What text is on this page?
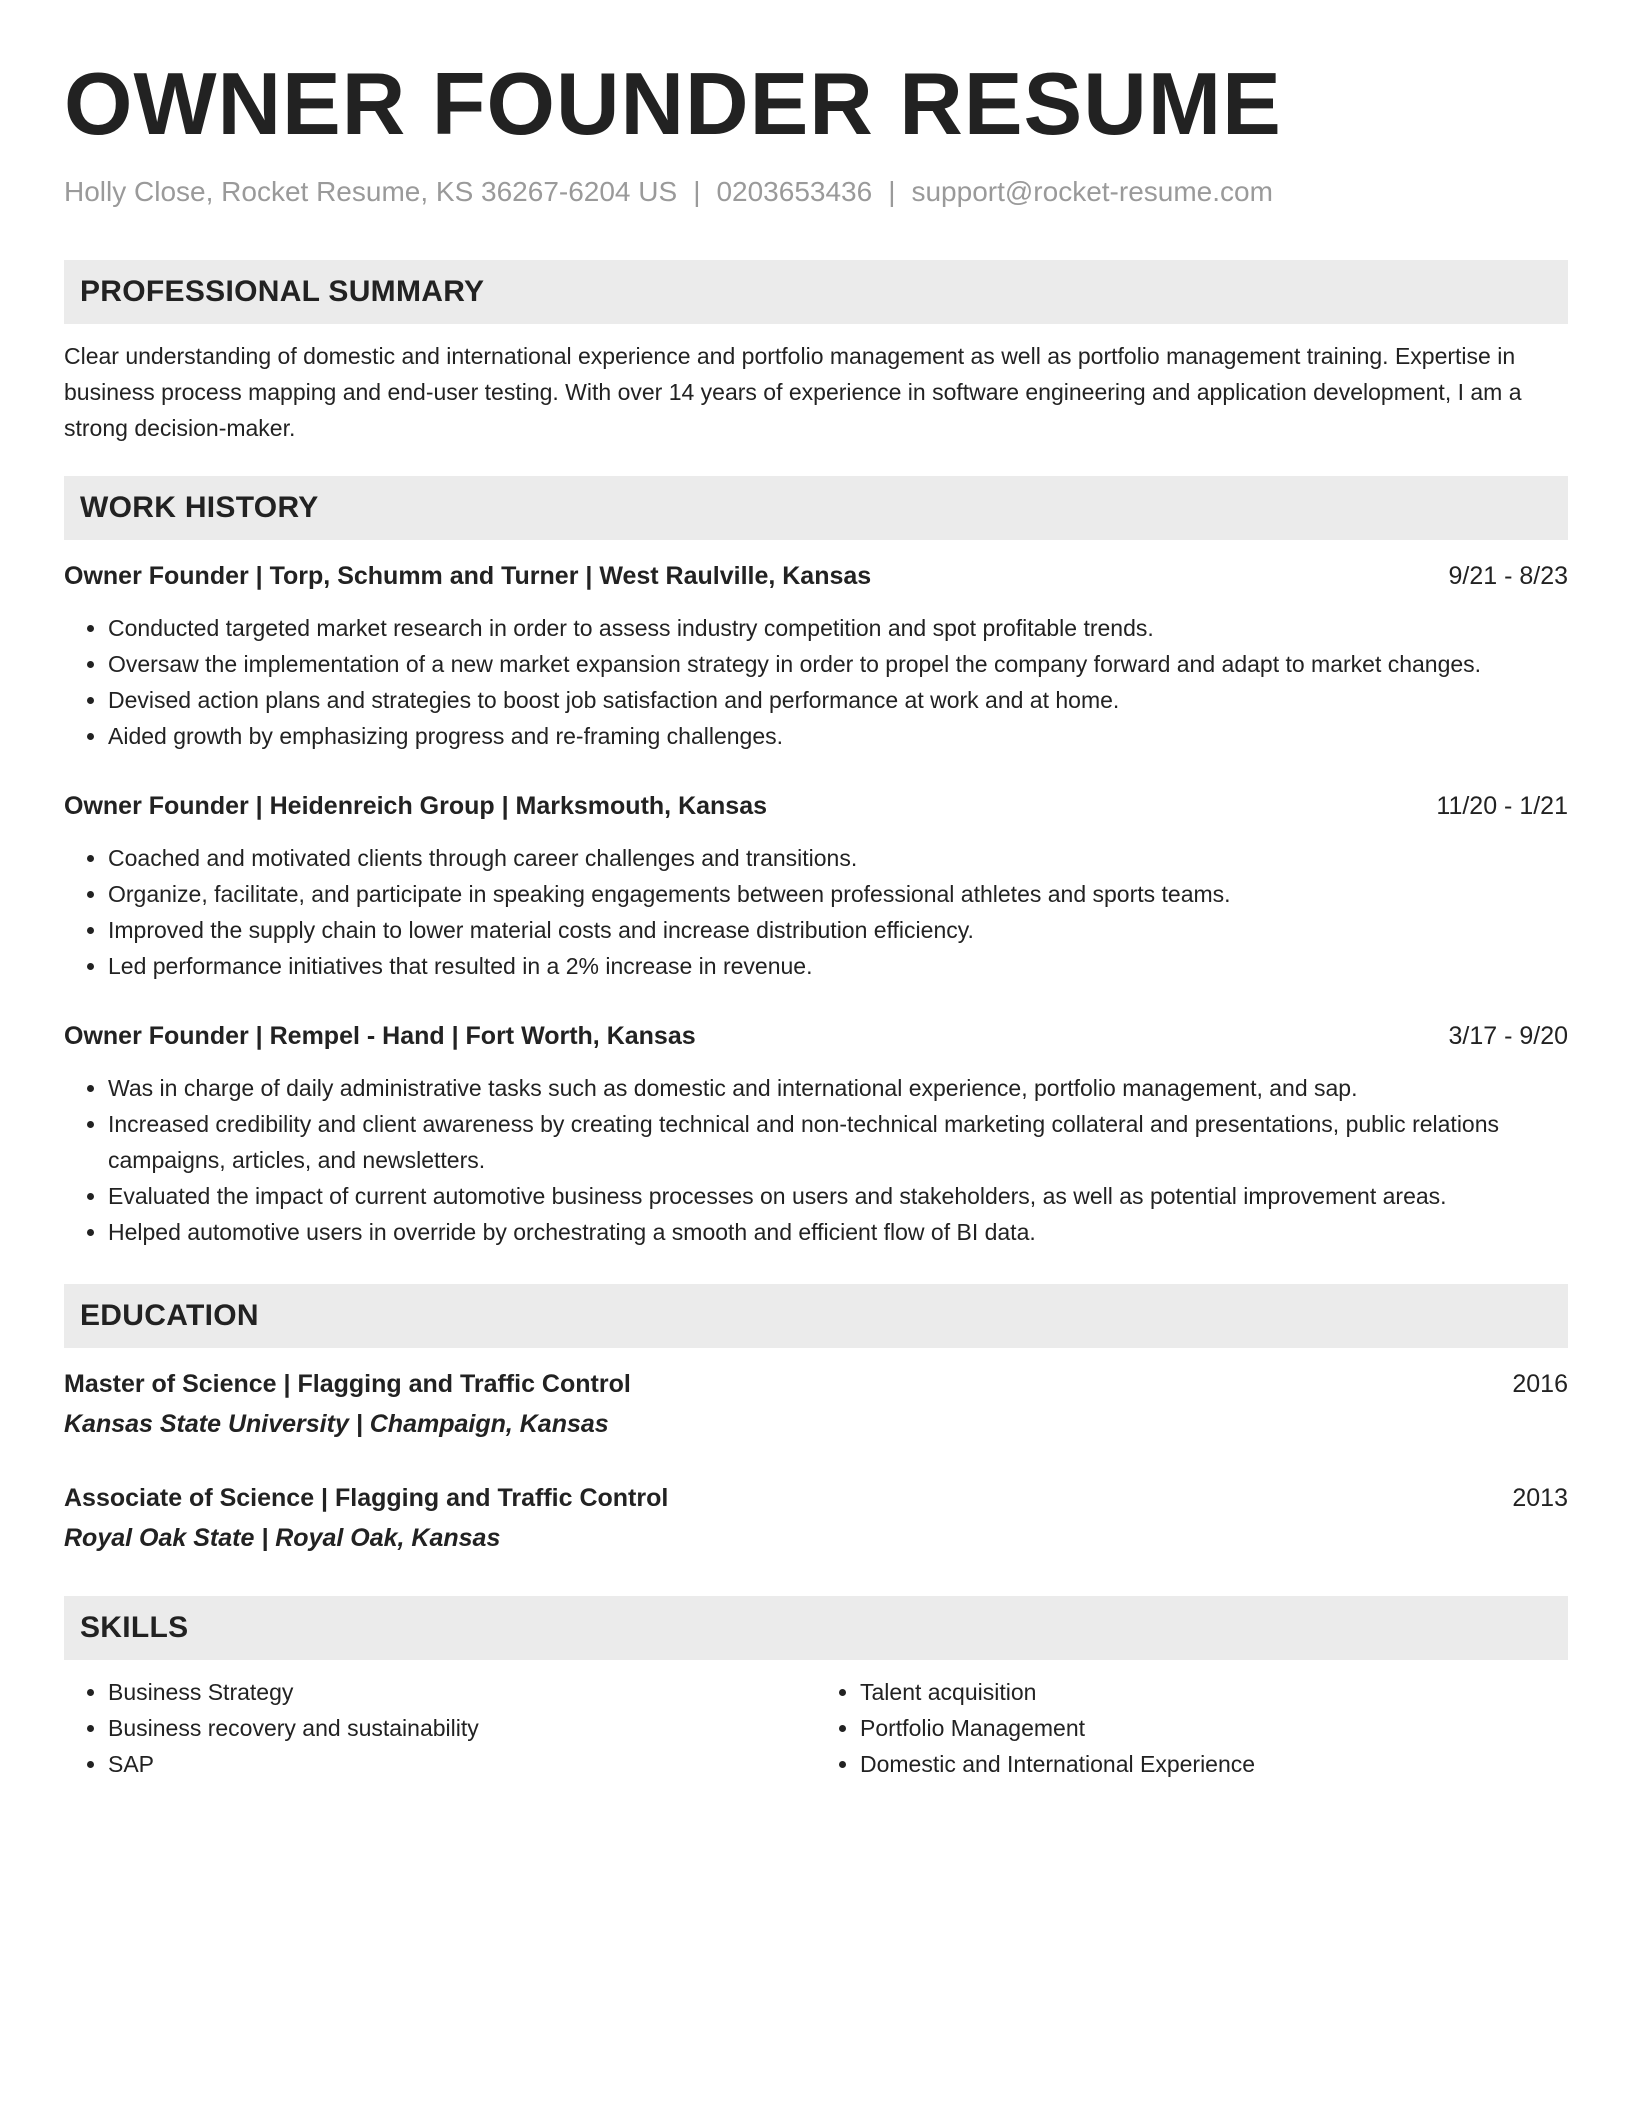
OWNER FOUNDER RESUME
Holly Close, Rocket Resume, KS 36267-6204 US | 0203653436 | support@rocket-resume.com
PROFESSIONAL SUMMARY
Clear understanding of domestic and international experience and portfolio management as well as portfolio management training. Expertise in business process mapping and end-user testing. With over 14 years of experience in software engineering and application development, I am a strong decision-maker.
WORK HISTORY
Owner Founder | Torp, Schumm and Turner | West Raulville, Kansas	9/21 - 8/23
• Conducted targeted market research in order to assess industry competition and spot profitable trends.
• Oversaw the implementation of a new market expansion strategy in order to propel the company forward and adapt to market changes.
• Devised action plans and strategies to boost job satisfaction and performance at work and at home.
• Aided growth by emphasizing progress and re-framing challenges.
Owner Founder | Heidenreich Group | Marksmouth, Kansas	11/20 - 1/21
• Coached and motivated clients through career challenges and transitions.
• Organize, facilitate, and participate in speaking engagements between professional athletes and sports teams.
• Improved the supply chain to lower material costs and increase distribution efficiency.
• Led performance initiatives that resulted in a 2% increase in revenue.
Owner Founder | Rempel - Hand | Fort Worth, Kansas	3/17 - 9/20
• Was in charge of daily administrative tasks such as domestic and international experience, portfolio management, and sap.
• Increased credibility and client awareness by creating technical and non-technical marketing collateral and presentations, public relations campaigns, articles, and newsletters.
• Evaluated the impact of current automotive business processes on users and stakeholders, as well as potential improvement areas.
• Helped automotive users in override by orchestrating a smooth and efficient flow of BI data.
EDUCATION
Master of Science | Flagging and Traffic Control	2016
Kansas State University | Champaign, Kansas
Associate of Science | Flagging and Traffic Control	2013
Royal Oak State | Royal Oak, Kansas
SKILLS
• Business Strategy
• Business recovery and sustainability
• SAP
• Talent acquisition
• Portfolio Management
• Domestic and International Experience
